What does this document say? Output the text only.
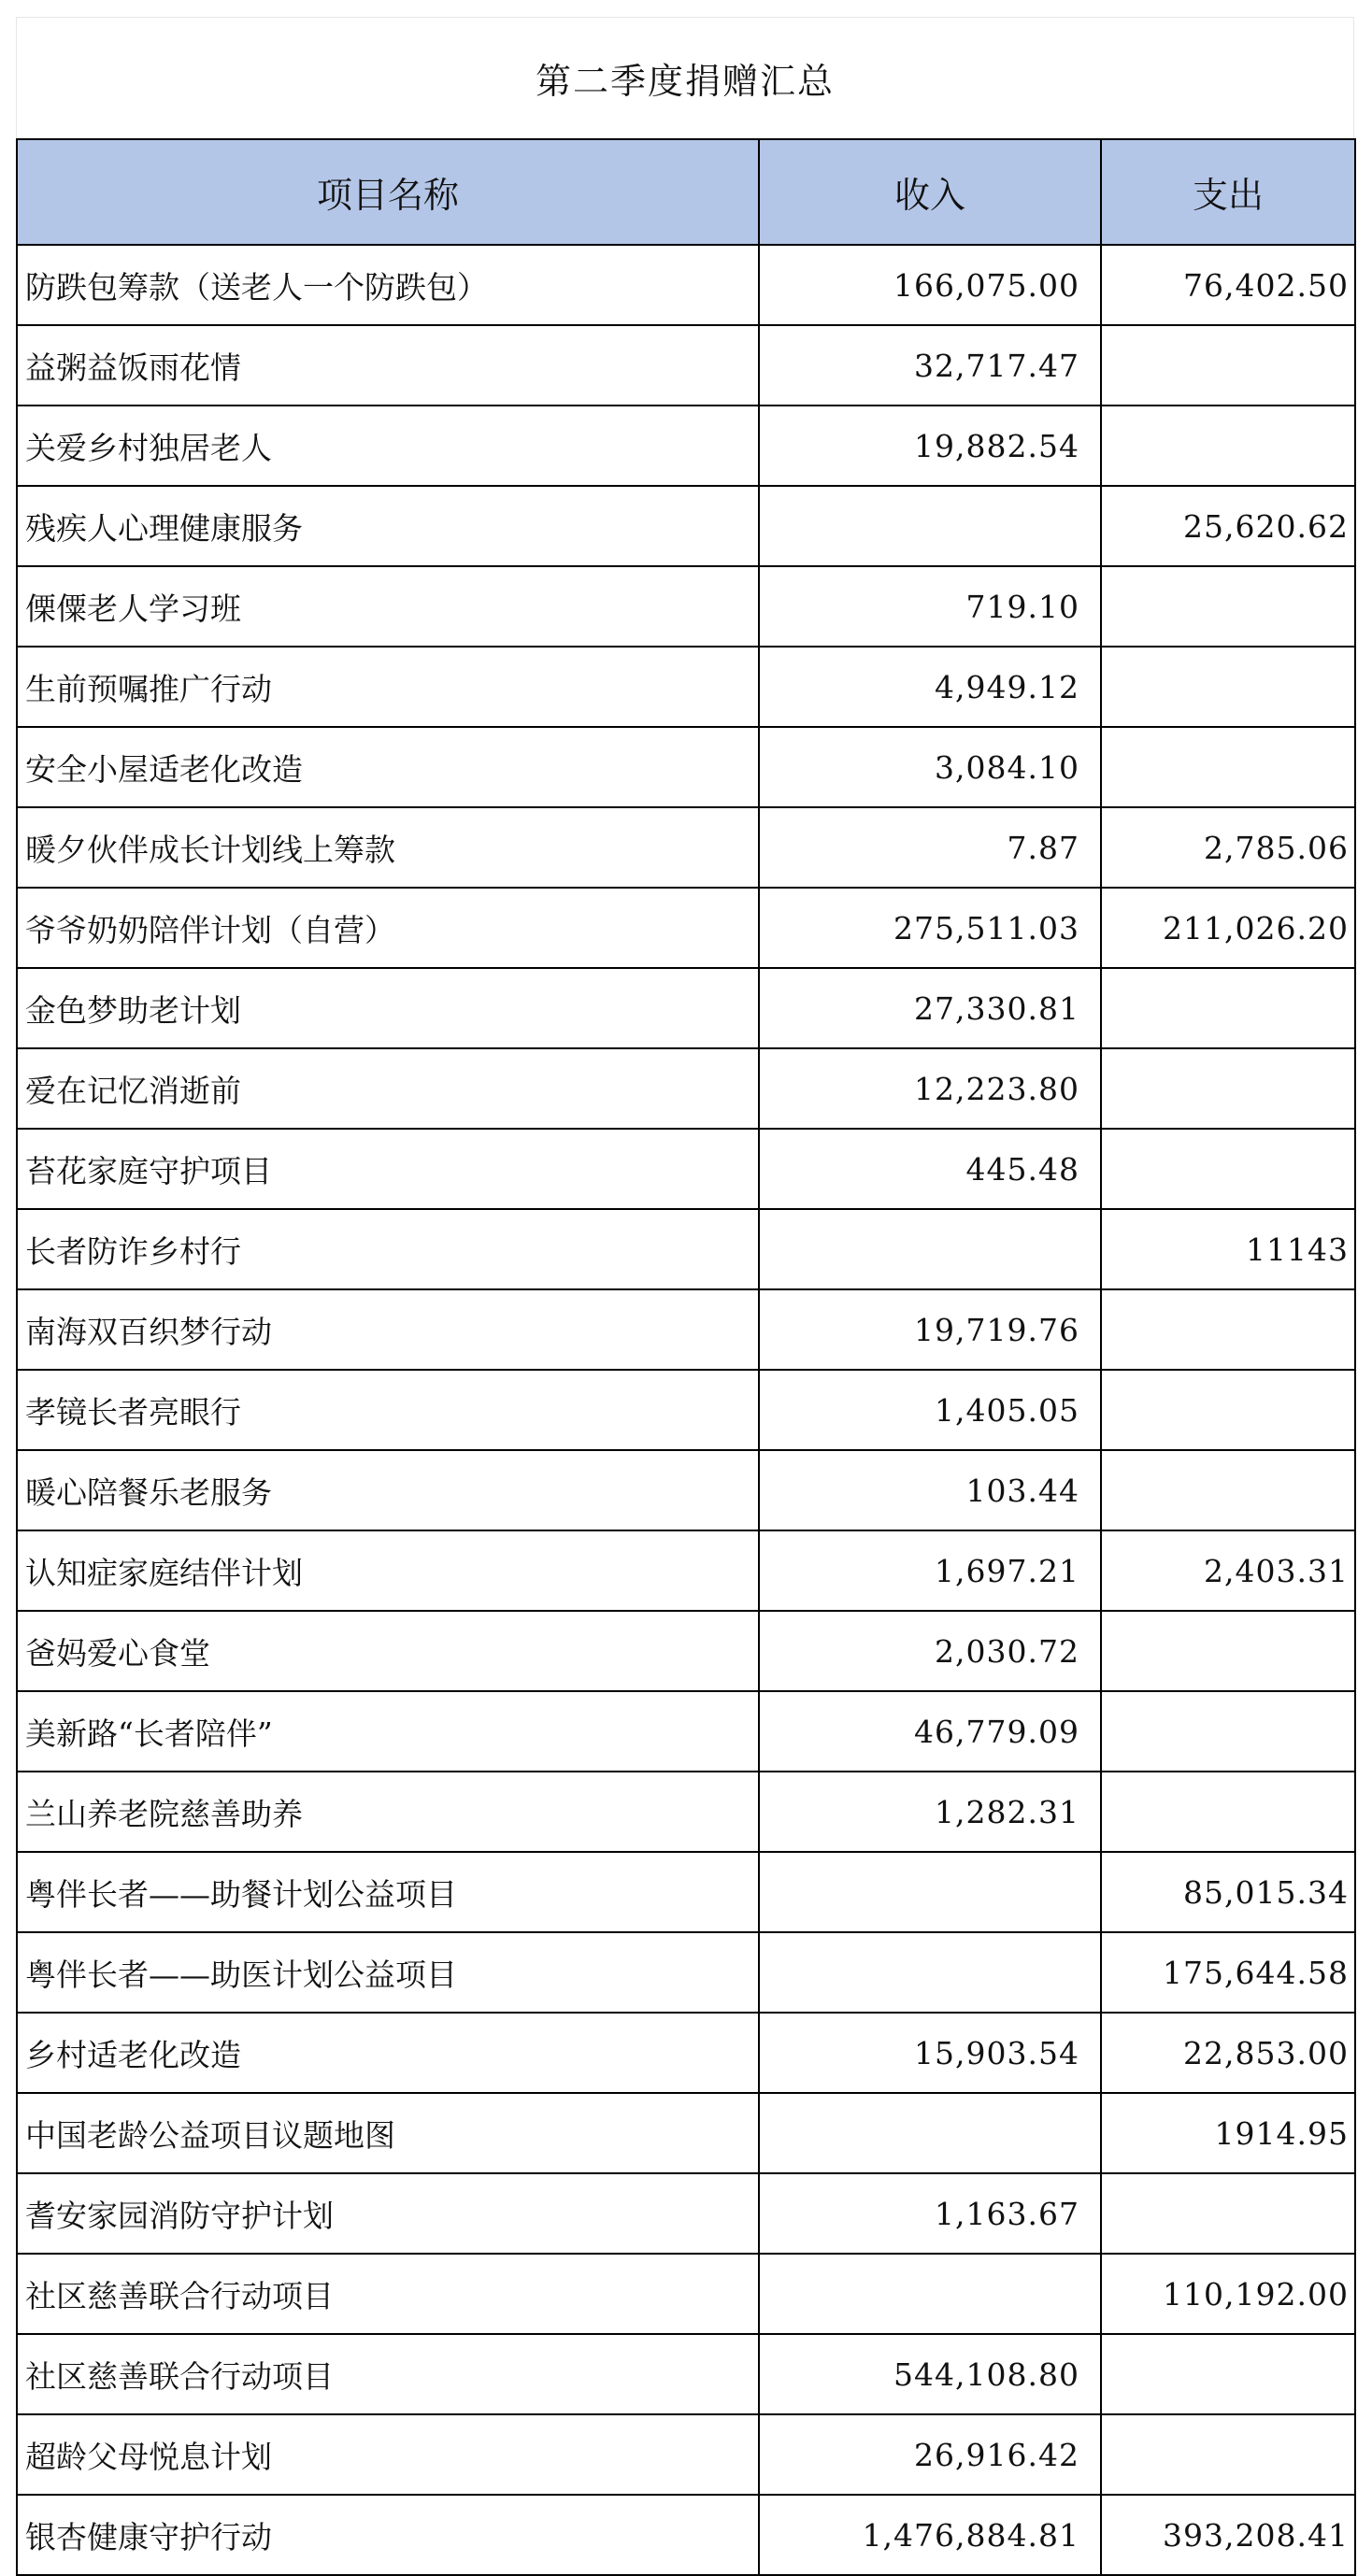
第二季度捐赠汇总
项目名称	收入	支出
防跌包筹款（送老人一个防跌包）	166,075.00	76,402.50
益粥益饭雨花情	32,717.47	
关爱乡村独居老人	19,882.54	
残疾人心理健康服务		25,620.62
傈僳老人学习班	719.10	
生前预嘱推广行动	4,949.12	
安全小屋适老化改造	3,084.10	
暖夕伙伴成长计划线上筹款	7.87	2,785.06
爷爷奶奶陪伴计划（自营）	275,511.03	211,026.20
金色梦助老计划	27,330.81	
爱在记忆消逝前	12,223.80	
苔花家庭守护项目	445.48	
长者防诈乡村行		11143
南海双百织梦行动	19,719.76	
孝镜长者亮眼行	1,405.05	
暖心陪餐乐老服务	103.44	
认知症家庭结伴计划	1,697.21	2,403.31
爸妈爱心食堂	2,030.72	
美新路“长者陪伴”	46,779.09	
兰山养老院慈善助养	1,282.31	
粤伴长者——助餐计划公益项目		85,015.34
粤伴长者——助医计划公益项目		175,644.58
乡村适老化改造	15,903.54	22,853.00
中国老龄公益项目议题地图		1914.95
耆安家园消防守护计划	1,163.67	
社区慈善联合行动项目		110,192.00
社区慈善联合行动项目	544,108.80	
超龄父母悦息计划	26,916.42	
银杏健康守护行动	1,476,884.81	393,208.41
